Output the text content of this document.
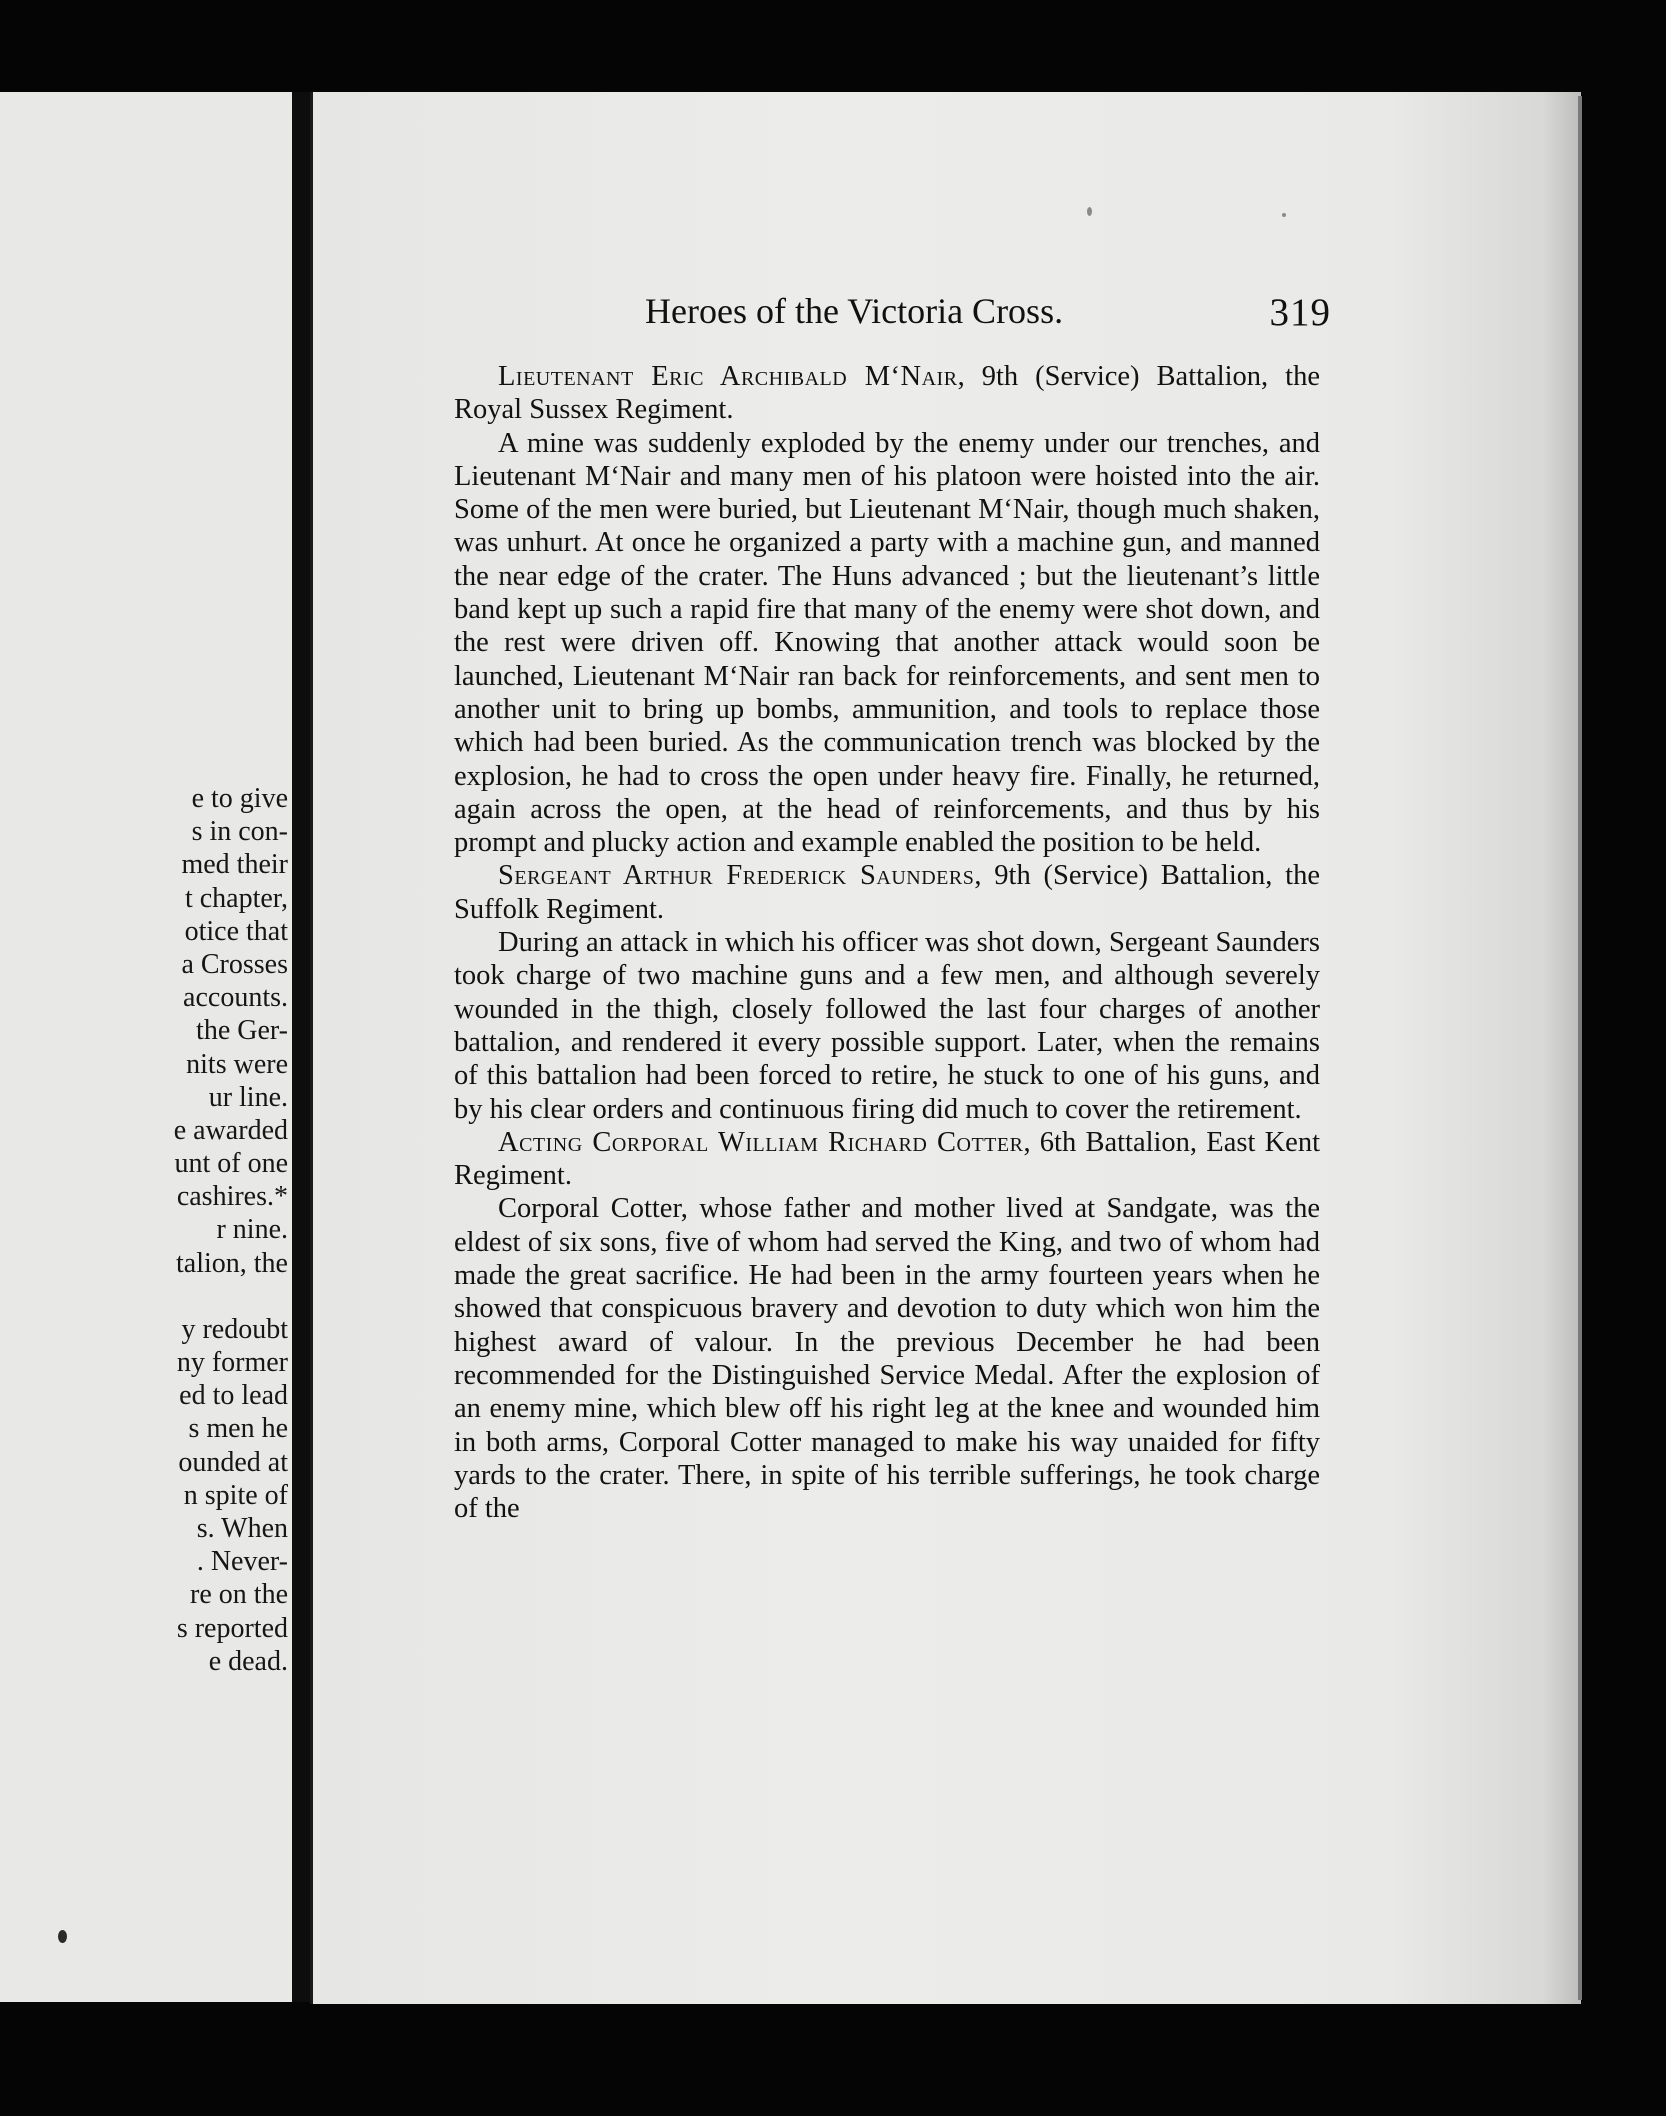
e to give
s in con-
med their
t chapter,
otice that
a Crosses
accounts.
the Ger-
nits were
ur line.
e awarded
unt of one
cashires.*
r nine.
talion, the
y redoubt
ny former
ed to lead
s men he
ounded at
n spite of
s. When
. Never-
re on the
s reported
e dead.
Heroes of the Victoria Cross.	319

Lieutenant Eric Archibald M‘Nair, 9th (Service) Battalion, the Royal Sussex Regiment.

A mine was suddenly exploded by the enemy under our trenches, and Lieutenant M‘Nair and many men of his platoon were hoisted into the air. Some of the men were buried, but Lieutenant M‘Nair, though much shaken, was unhurt. At once he organized a party with a machine gun, and manned the near edge of the crater. The Huns advanced ; but the lieutenant’s little band kept up such a rapid fire that many of the enemy were shot down, and the rest were driven off. Knowing that another attack would soon be launched, Lieutenant M‘Nair ran back for reinforcements, and sent men to another unit to bring up bombs, ammunition, and tools to replace those which had been buried. As the communication trench was blocked by the explosion, he had to cross the open under heavy fire. Finally, he returned, again across the open, at the head of reinforcements, and thus by his prompt and plucky action and example enabled the position to be held.

Sergeant Arthur Frederick Saunders, 9th (Service) Battalion, the Suffolk Regiment.

During an attack in which his officer was shot down, Sergeant Saunders took charge of two machine guns and a few men, and although severely wounded in the thigh, closely followed the last four charges of another battalion, and rendered it every possible support. Later, when the remains of this battalion had been forced to retire, he stuck to one of his guns, and by his clear orders and continuous firing did much to cover the retirement.

Acting Corporal William Richard Cotter, 6th Battalion, East Kent Regiment.

Corporal Cotter, whose father and mother lived at Sandgate, was the eldest of six sons, five of whom had served the King, and two of whom had made the great sacrifice. He had been in the army fourteen years when he showed that conspicuous bravery and devotion to duty which won him the highest award of valour. In the previous December he had been recommended for the Distinguished Service Medal. After the explosion of an enemy mine, which blew off his right leg at the knee and wounded him in both arms, Corporal Cotter managed to make his way unaided for fifty yards to the crater. There, in spite of his terrible sufferings, he took charge of the
